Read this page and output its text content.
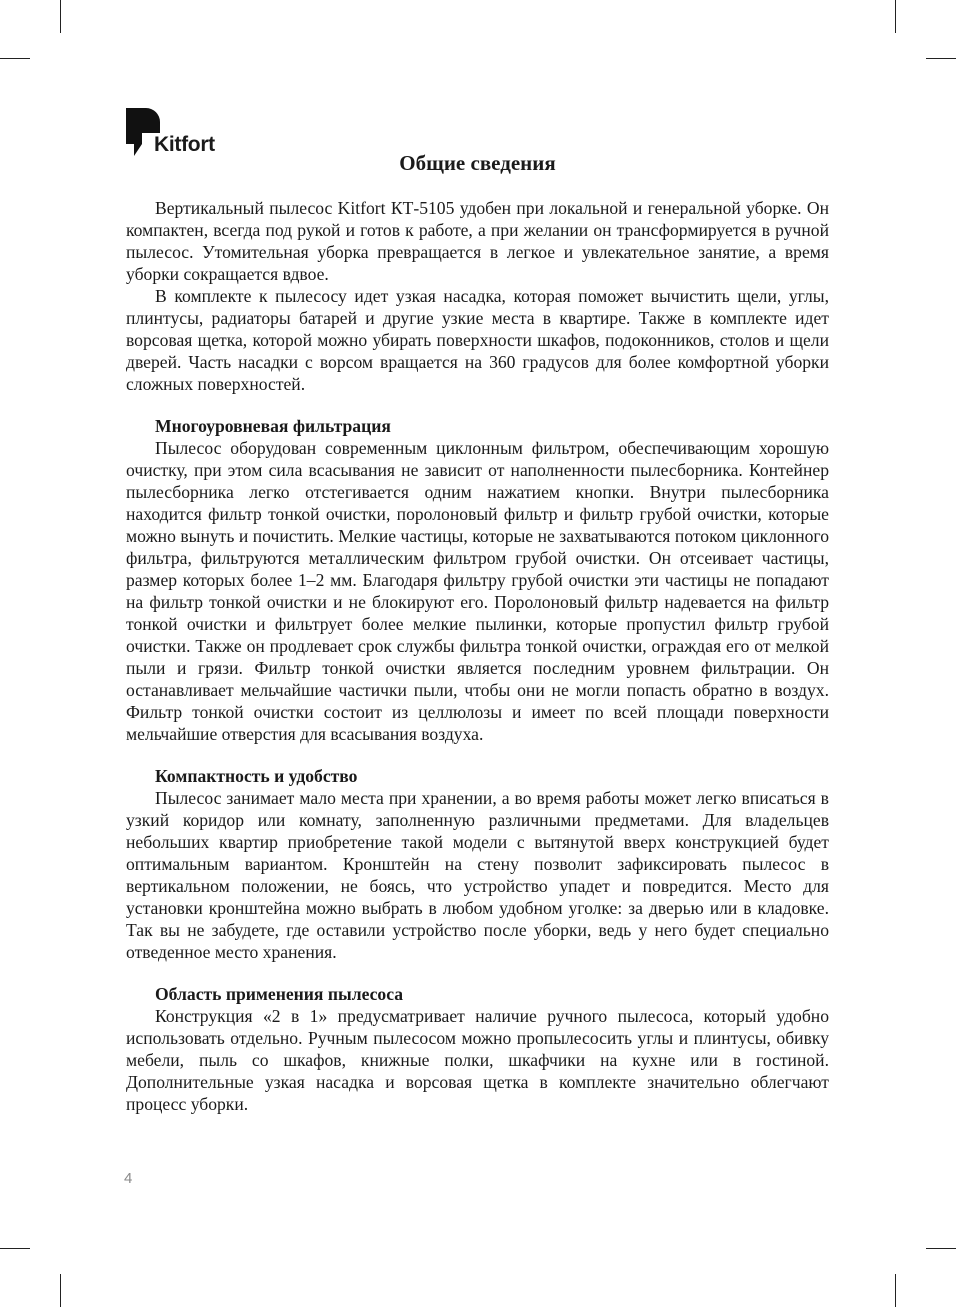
Kitfort
Общие сведения

Вертикальный пылесос Kitfort КТ-5105 удобен при локальной и генеральной уборке. Он компактен, всегда под рукой и готов к работе, а при желании он трансформируется в ручной пылесос. Утомительная уборка превращается в легкое и увлекательное занятие, а время уборки сокращается вдвое.

В комплекте к пылесосу идет узкая насадка, которая поможет вычистить щели, углы, плинтусы, радиаторы батарей и другие узкие места в квартире. Также в комплекте идет ворсовая щетка, которой можно убирать поверхности шкафов, подоконников, столов и щели дверей. Часть насадки с ворсом вращается на 360 градусов для более комфортной уборки сложных поверхностей.

Многоуровневая фильтрация

Пылесос оборудован современным циклонным фильтром, обеспечивающим хорошую очистку, при этом сила всасывания не зависит от наполненности пылесборника. Контейнер пылесборника легко отстегивается одним нажатием кнопки. Внутри пылесборника находится фильтр тонкой очистки, поролоновый фильтр и фильтр грубой очистки, которые можно вынуть и почистить. Мелкие частицы, которые не захватываются потоком циклонного фильтра, фильтруются металлическим фильтром грубой очистки. Он отсеивает частицы, размер которых более 1–2 мм. Благодаря фильтру грубой очистки эти частицы не попадают на фильтр тонкой очистки и не блокируют его. Поролоновый фильтр надевается на фильтр тонкой очистки и фильтрует более мелкие пылинки, которые пропустил фильтр грубой очистки. Также он продлевает срок службы фильтра тонкой очистки, ограждая его от мелкой пыли и грязи. Фильтр тонкой очистки является последним уровнем фильтрации. Он останавливает мельчайшие частички пыли, чтобы они не могли попасть обратно в воздух. Фильтр тонкой очистки состоит из целлюлозы и имеет по всей площади поверхности мельчайшие отверстия для всасывания воздуха.

Компактность и удобство

Пылесос занимает мало места при хранении, а во время работы может легко вписаться в узкий коридор или комнату, заполненную различными предметами. Для владельцев небольших квартир приобретение такой модели с вытянутой вверх конструкцией будет оптимальным вариантом. Кронштейн на стену позволит зафиксировать пылесос в вертикальном положении, не боясь, что устройство упадет и повредится. Место для установки кронштейна можно выбрать в любом удобном уголке: за дверью или в кладовке. Так вы не забудете, где оставили устройство после уборки, ведь у него будет специально отведенное место хранения.

Область применения пылесоса

Конструкция «2 в 1» предусматривает наличие ручного пылесоса, который удобно использовать отдельно. Ручным пылесосом можно пропылесосить углы и плинтусы, обивку мебели, пыль со шкафов, книжные полки, шкафчики на кухне или в гостиной. Дополнительные узкая насадка и ворсовая щетка в комплекте значительно облегчают процесс уборки.

4
